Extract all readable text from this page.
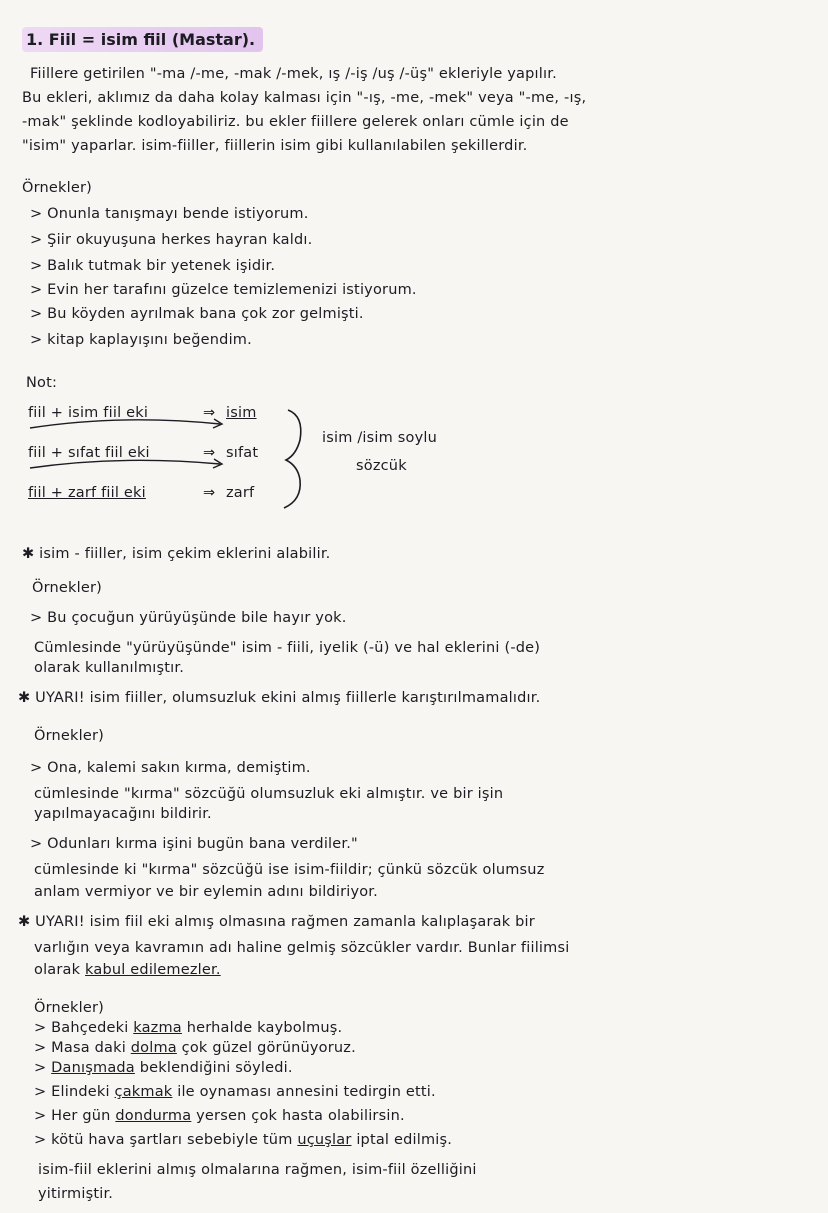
1. Fiil = isim fiil (Mastar).
Fiillere getirilen "-ma /-me, -mak /-mek, ış /-iş /uş /-üş" ekleriyle yapılır.
Bu ekleri, aklımız da daha kolay kalması için "-ış, -me, -mek" veya "-me, -ış,
-mak" şeklinde kodloyabiliriz. bu ekler fiillere gelerek onları cümle için de
"isim" yaparlar. isim-fiiller, fiillerin isim gibi kullanılabilen şekillerdir.
Örnekler)
> Onunla tanışmayı bende istiyorum.
> Şiir okuyuşuna herkes hayran kaldı.
> Balık tutmak bir yetenek işidir.
> Evin her tarafını güzelce temizlemenizi istiyorum.
> Bu köyden ayrılmak bana çok zor gelmişti.
> kitap kaplayışını beğendim.
Not:
fiil + isim fiil eki	⇒ isim
fiil + sıfat fiil eki	⇒ sıfat
fiil + zarf fiil eki	⇒ zarf
isim /isim soylu
sözcük
✱ isim - fiiller, isim çekim eklerini alabilir.
Örnekler)
> Bu çocuğun yürüyüşünde bile hayır yok.
Cümlesinde "yürüyüşünde" isim - fiili, iyelik (-ü) ve hal eklerini (-de)
olarak kullanılmıştır.
✱ UYARI! isim fiiller, olumsuzluk ekini almış fiillerle karıştırılmamalıdır.
Örnekler)
> Ona, kalemi sakın kırma, demiştim.
cümlesinde "kırma" sözcüğü olumsuzluk eki almıştır. ve bir işin
yapılmayacağını bildirir.
> Odunları kırma işini bugün bana verdiler."
cümlesinde ki "kırma" sözcüğü ise isim-fiildir; çünkü sözcük olumsuz
anlam vermiyor ve bir eylemin adını bildiriyor.
✱ UYARI! isim fiil eki almış olmasına rağmen zamanla kalıplaşarak bir
varlığın veya kavramın adı haline gelmiş sözcükler vardır. Bunlar fiilimsi
olarak kabul edilemezler.
Örnekler)
> Bahçedeki kazma herhalde kaybolmuş.
> Masa daki dolma çok güzel görünüyoruz.
> Danışmada beklendiğini söyledi.
> Elindeki çakmak ile oynaması annesini tedirgin etti.
> Her gün dondurma yersen çok hasta olabilirsin.
> kötü hava şartları sebebiyle tüm uçuşlar iptal edilmiş.
isim-fiil eklerini almış olmalarına rağmen, isim-fiil özelliğini
yitirmiştir.
